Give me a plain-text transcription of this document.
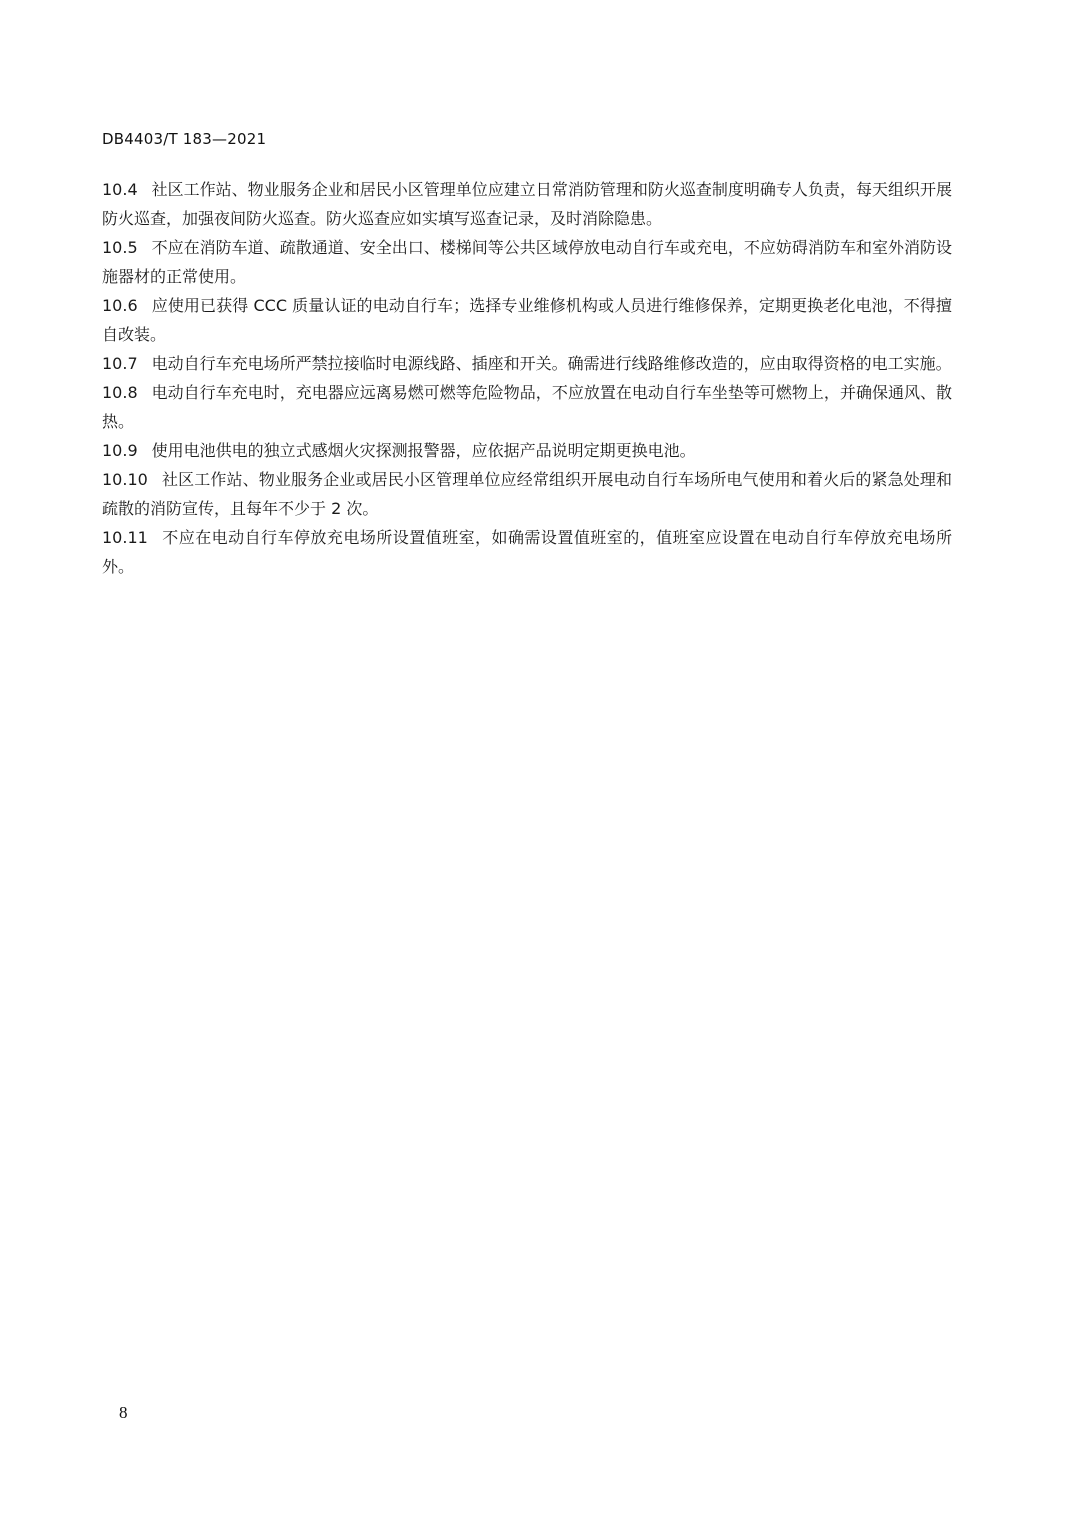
DB4403/T 183—2021

10.4 社区工作站、物业服务企业和居民小区管理单位应建立日常消防管理和防火巡查制度明确专人负责，每天组织开展防火巡查，加强夜间防火巡查。防火巡查应如实填写巡查记录，及时消除隐患。

10.5 不应在消防车道、疏散通道、安全出口、楼梯间等公共区域停放电动自行车或充电，不应妨碍消防车和室外消防设施器材的正常使用。

10.6 应使用已获得 CCC 质量认证的电动自行车；选择专业维修机构或人员进行维修保养，定期更换老化电池，不得擅自改装。

10.7 电动自行车充电场所严禁拉接临时电源线路、插座和开关。确需进行线路维修改造的，应由取得资格的电工实施。

10.8 电动自行车充电时，充电器应远离易燃可燃等危险物品，不应放置在电动自行车坐垫等可燃物上，并确保通风、散热。

10.9 使用电池供电的独立式感烟火灾探测报警器，应依据产品说明定期更换电池。

10.10 社区工作站、物业服务企业或居民小区管理单位应经常组织开展电动自行车场所电气使用和着火后的紧急处理和疏散的消防宣传，且每年不少于 2 次。

10.11 不应在电动自行车停放充电场所设置值班室，如确需设置值班室的，值班室应设置在电动自行车停放充电场所外。

8
